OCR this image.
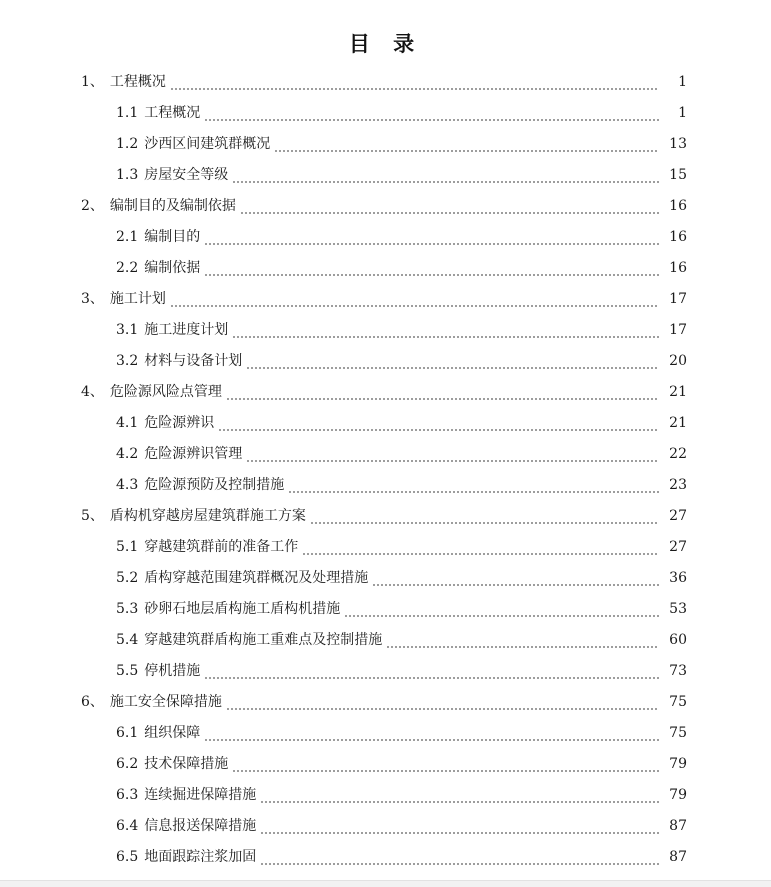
目 录
1、 工程概况	1
1.1 工程概况	1
1.2 沙西区间建筑群概况	13
1.3 房屋安全等级	15
2、 编制目的及编制依据	16
2.1 编制目的	16
2.2 编制依据	16
3、 施工计划	17
3.1 施工进度计划	17
3.2 材料与设备计划	20
4、 危险源风险点管理	21
4.1 危险源辨识	21
4.2 危险源辨识管理	22
4.3 危险源预防及控制措施	23
5、 盾构机穿越房屋建筑群施工方案	27
5.1 穿越建筑群前的准备工作	27
5.2 盾构穿越范围建筑群概况及处理措施	36
5.3 砂卵石地层盾构施工盾构机措施	53
5.4 穿越建筑群盾构施工重难点及控制措施	60
5.5 停机措施	73
6、 施工安全保障措施	75
6.1 组织保障	75
6.2 技术保障措施	79
6.3 连续掘进保障措施	79
6.4 信息报送保障措施	87
6.5 地面跟踪注浆加固	87
